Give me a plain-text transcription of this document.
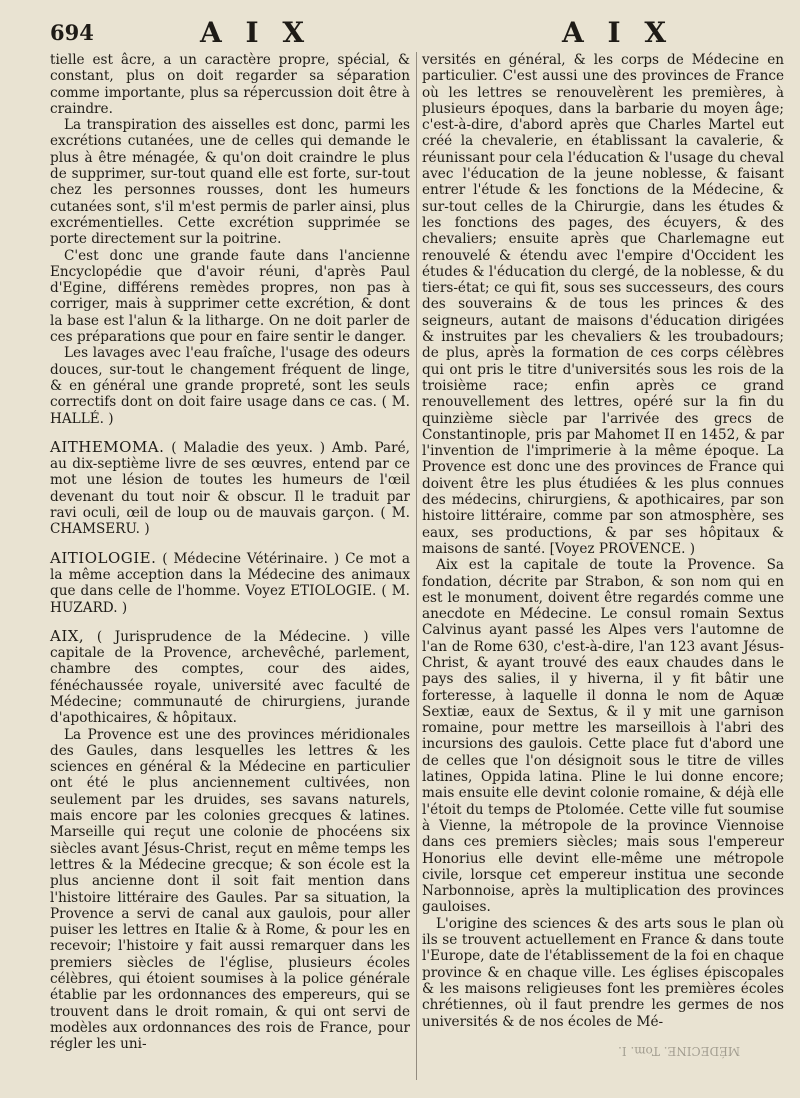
694	A I X	A I X

tielle est âcre, a un caractère propre, spécial, & constant, plus on doit regarder sa séparation comme importante, plus sa répercussion doit être à craindre.

La transpiration des aisselles est donc, parmi les excrétions cutanées, une de celles qui demande le plus à être ménagée, & qu'on doit craindre le plus de supprimer, sur-tout quand elle est forte, sur-tout chez les personnes rousses, dont les humeurs cutanées sont, s'il m'est permis de parler ainsi, plus excrémentielles. Cette excrétion supprimée se porte directement sur la poitrine.

C'est donc une grande faute dans l'ancienne Encyclopédie que d'avoir réuni, d'après Paul d'Egine, différens remèdes propres, non pas à corriger, mais à supprimer cette excrétion, & dont la base est l'alun & la litharge. On ne doit parler de ces préparations que pour en faire sentir le danger.

Les lavages avec l'eau fraîche, l'usage des odeurs douces, sur-tout le changement fréquent de linge, & en général une grande propreté, sont les seuls correctifs dont on doit faire usage dans ce cas. ( M. HALLÉ. )

AITHEMOMA. ( Maladie des yeux. ) Amb. Paré, au dix-septième livre de ses œuvres, entend par ce mot une lésion de toutes les humeurs de l'œil devenant du tout noir & obscur. Il le traduit par ravi oculi, œil de loup ou de mauvais garçon. ( M. CHAMSERU. )

AITIOLOGIE. ( Médecine Vétérinaire. ) Ce mot a la même acception dans la Médecine des animaux que dans celle de l'homme. Voyez ETIOLOGIE. ( M. HUZARD. )

AIX, ( Jurisprudence de la Médecine. ) ville capitale de la Provence, archevêché, parlement, chambre des comptes, cour des aides, fénéchaussée royale, université avec faculté de Médecine; communauté de chirurgiens, jurande d'apothicaires, & hôpitaux.

La Provence est une des provinces méridionales des Gaules, dans lesquelles les lettres & les sciences en général & la Médecine en particulier ont été le plus anciennement cultivées, non seulement par les druides, ses savans naturels, mais encore par les colonies grecques & latines. Marseille qui reçut une colonie de phocéens six siècles avant Jésus-Christ, reçut en même temps les lettres & la Médecine grecque; & son école est la plus ancienne dont il soit fait mention dans l'histoire littéraire des Gaules. Par sa situation, la Provence a servi de canal aux gaulois, pour aller puiser les lettres en Italie & à Rome, & pour les en recevoir; l'histoire y fait aussi remarquer dans les premiers siècles de l'église, plusieurs écoles célèbres, qui étoient soumises à la police générale établie par les ordonnances des empereurs, qui se trouvent dans le droit romain, & qui ont servi de modèles aux ordonnances des rois de France, pour régler les uni-

versités en général, & les corps de Médecine en particulier. C'est aussi une des provinces de France où les lettres se renouvelèrent les premières, à plusieurs époques, dans la barbarie du moyen âge; c'est-à-dire, d'abord après que Charles Martel eut créé la chevalerie, en établissant la cavalerie, & réunissant pour cela l'éducation & l'usage du cheval avec l'éducation de la jeune noblesse, & faisant entrer l'étude & les fonctions de la Médecine, & sur-tout celles de la Chirurgie, dans les études & les fonctions des pages, des écuyers, & des chevaliers; ensuite après que Charlemagne eut renouvelé & étendu avec l'empire d'Occident les études & l'éducation du clergé, de la noblesse, & du tiers-état; ce qui fit, sous ses successeurs, des cours des souverains & de tous les princes & des seigneurs, autant de maisons d'éducation dirigées & instruites par les chevaliers & les troubadours; de plus, après la formation de ces corps célèbres qui ont pris le titre d'universités sous les rois de la troisième race; enfin après ce grand renouvellement des lettres, opéré sur la fin du quinzième siècle par l'arrivée des grecs de Constantinople, pris par Mahomet II en 1452, & par l'invention de l'imprimerie à la même époque. La Provence est donc une des provinces de France qui doivent être les plus étudiées & les plus connues des médecins, chirurgiens, & apothicaires, par son histoire littéraire, comme par son atmosphère, ses eaux, ses productions, & par ses hôpitaux & maisons de santé. [Voyez PROVENCE. )

Aix est la capitale de toute la Provence. Sa fondation, décrite par Strabon, & son nom qui en est le monument, doivent être regardés comme une anecdote en Médecine. Le consul romain Sextus Calvinus ayant passé les Alpes vers l'automne de l'an de Rome 630, c'est-à-dire, l'an 123 avant Jésus-Christ, & ayant trouvé des eaux chaudes dans le pays des salies, il y hiverna, il y fit bâtir une forteresse, à laquelle il donna le nom de Aquæ Sextiæ, eaux de Sextus, & il y mit une garnison romaine, pour mettre les marseillois à l'abri des incursions des gaulois. Cette place fut d'abord une de celles que l'on désignoit sous le titre de villes latines, Oppida latina. Pline le lui donne encore; mais ensuite elle devint colonie romaine, & déjà elle l'étoit du temps de Ptolomée. Cette ville fut soumise à Vienne, la métropole de la province Viennoise dans ces premiers siècles; mais sous l'empereur Honorius elle devint elle-même une métropole civile, lorsque cet empereur institua une seconde Narbonnoise, après la multiplication des provinces gauloises.

L'origine des sciences & des arts sous le plan où ils se trouvent actuellement en France & dans toute l'Europe, date de l'établissement de la foi en chaque province & en chaque ville. Les églises épiscopales & les maisons religieuses font les premières écoles chrétiennes, où il faut prendre les germes de nos universités & de nos écoles de Mé-

MÉDECINE. Tom. I.
